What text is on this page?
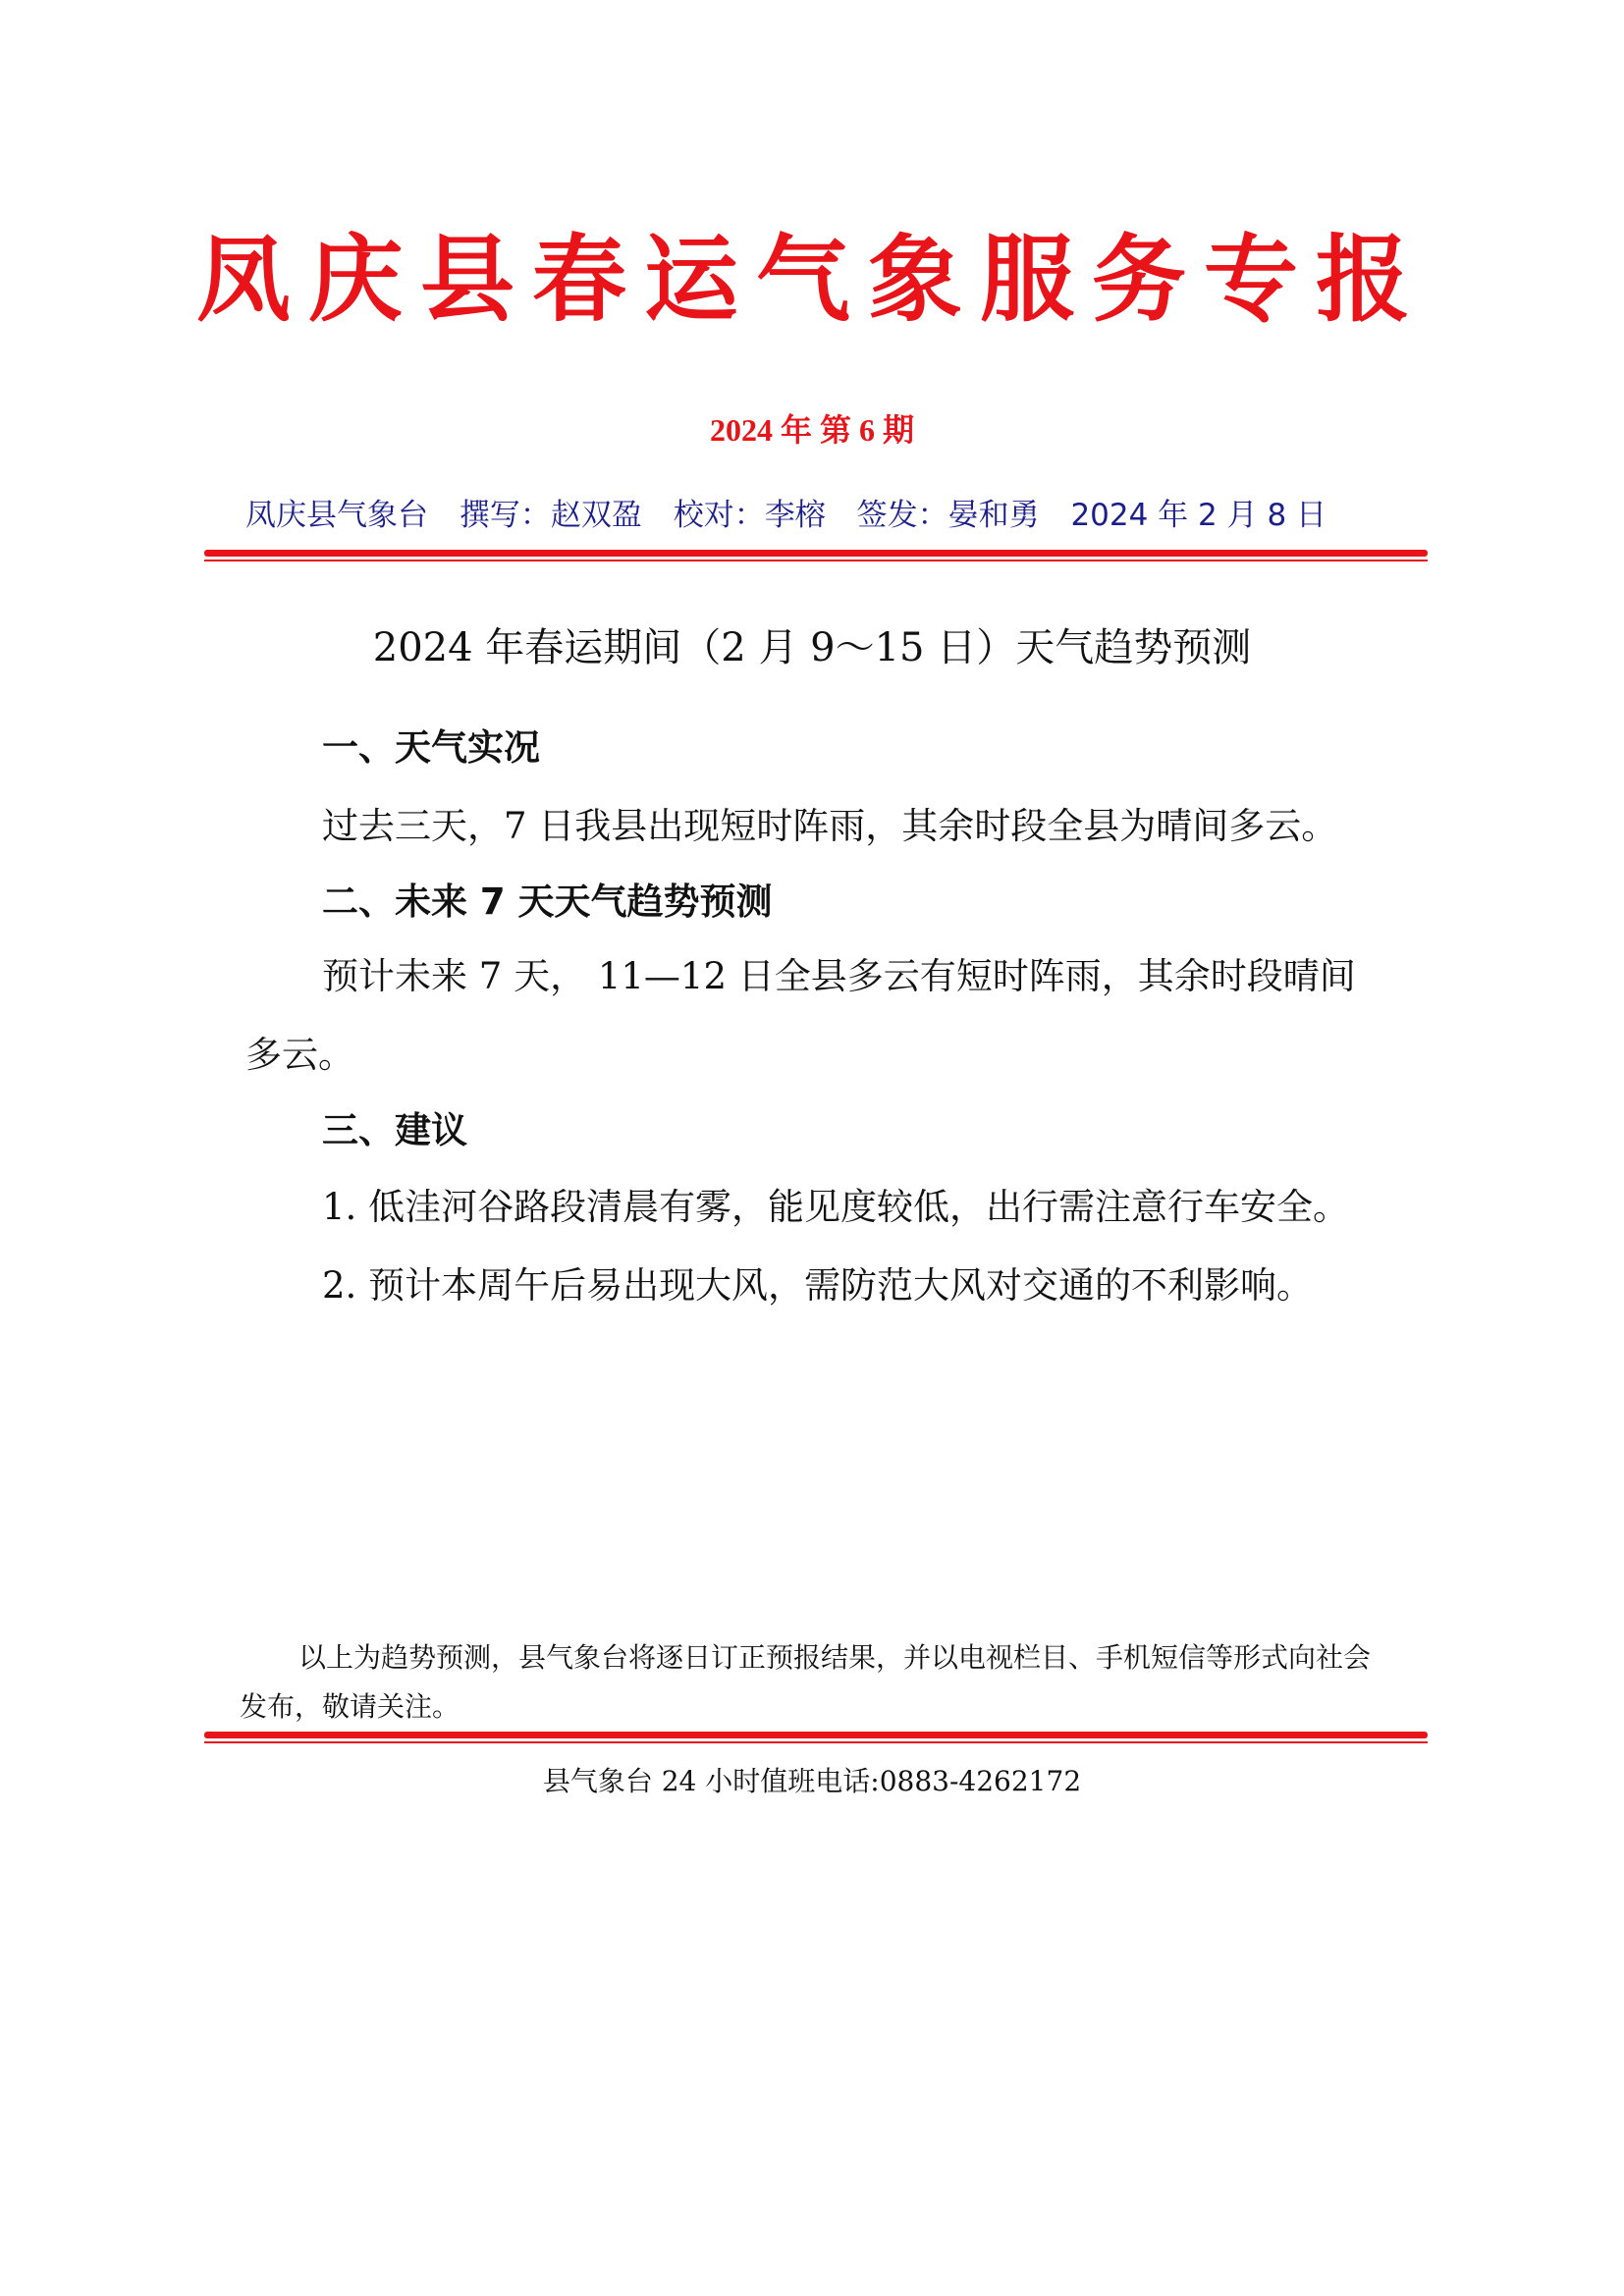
凤庆县春运气象服务专报
2024 年 第 6 期
凤庆县气象台 撰写：赵双盈 校对：李榕 签发：晏和勇 2024 年 2 月 8 日
2024 年春运期间（2 月 9～15 日）天气趋势预测
一、天气实况
过去三天，7 日我县出现短时阵雨，其余时段全县为晴间多云。
二、未来 7 天天气趋势预测
预计未来 7 天， 11—12 日全县多云有短时阵雨，其余时段晴间多云。
三、建议
1. 低洼河谷路段清晨有雾，能见度较低，出行需注意行车安全。
2. 预计本周午后易出现大风，需防范大风对交通的不利影响。
以上为趋势预测，县气象台将逐日订正预报结果，并以电视栏目、手机短信等形式向社会发布，敬请关注。
县气象台 24 小时值班电话:0883-4262172
